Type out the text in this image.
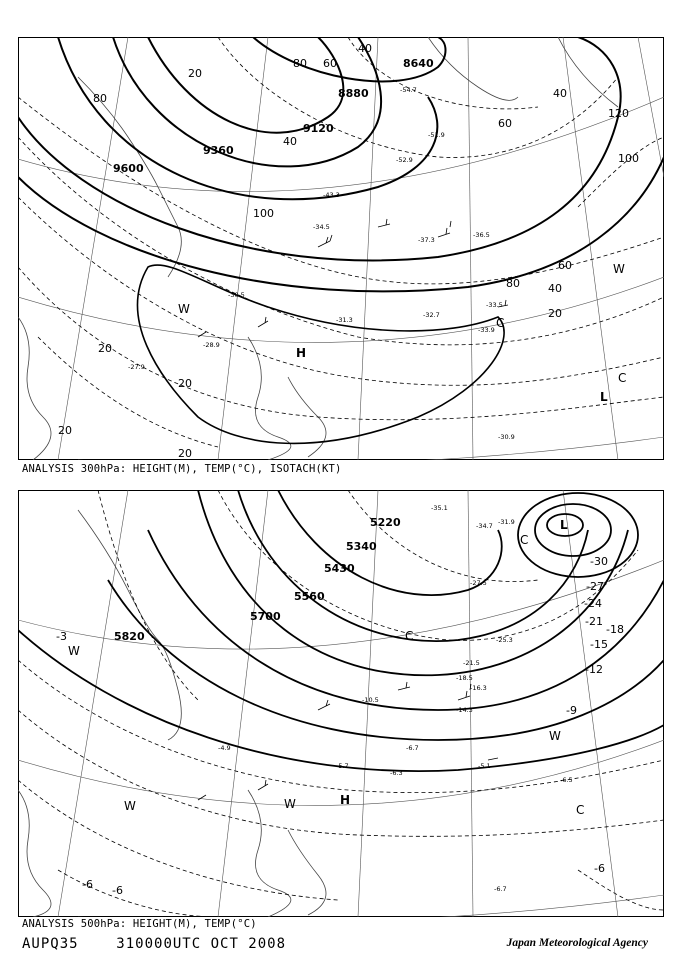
8640
8880
9120
9360
9600
20
20
20
20
20
20
40
40
40
40
60
60
60
80
80
80
100
100
120
H
L
C
C
W
W
-54.7
-51.9
-52.9
-43.3
-37.3
-36.5
-34.5
-33.5
-32.7
-31.3
-30.5
-28.9
-27.9
-33.9
-30.9
ANALYSIS 300hPa: HEIGHT(M), TEMP(°C), ISOTACH(KT)
5220
5340
5430
5560
5700
5820
-30
-27
-24
-21
-18
-15
-12
-9
-6
-6 -6
-3
H
L
C
C
C
W
W
W	W
-35.1
-34.7 -31.9
-27.5
-25.3
-21.5
-18.5
-16.3
-14.3
-10.5
-6.7
-6.3
-5.7	-5.1
-4.9
-6.5
-6.7
ANALYSIS 500hPa: HEIGHT(M), TEMP(°C)
AUPQ35	310000UTC OCT 2008	Japan Meteorological Agency
